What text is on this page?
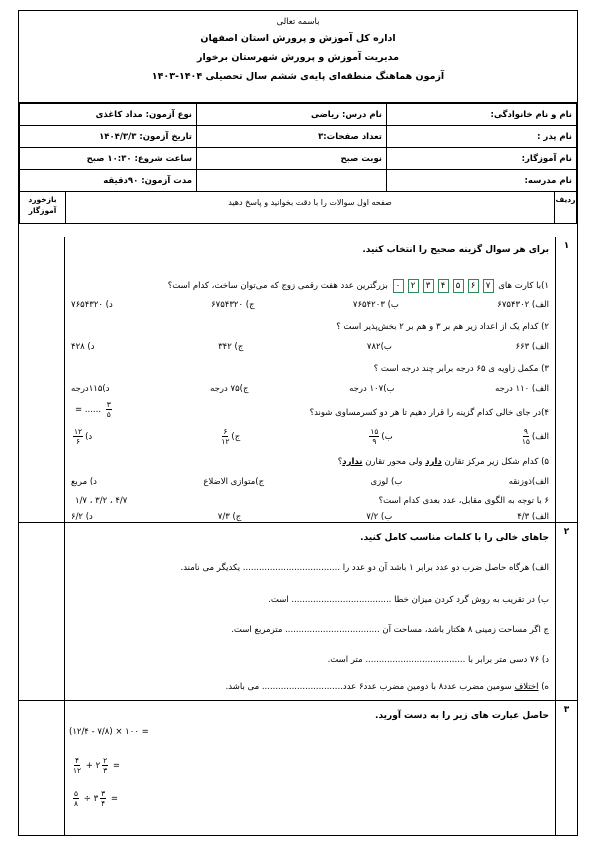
باسمه تعالی
اداره کل آموزش و پرورش استان اصفهان
مدیریت آموزش و پرورش شهرستان برخوار
آزمون هماهنگ منطقه‌ای پایه‌ی ششم سال تحصیلی ۱۴۰۴-۱۴۰۳
نام و نام خانوادگی:	نام درس: ریاضی	نوع آزمون: مداد کاغذی
نام پدر :	تعداد صفحات:۳	تاریخ آزمون: ۱۴۰۴/۳/۳
نام آموزگار:	نوبت صبح	ساعت شروع: ۱۰:۳۰ صبح
نام مدرسه:		مدت آزمون: ۹۰دقیقه

ردیف
بازخورد آموزگار
صفحه اول سوالات را با دقت بخوانید و پاسخ دهید		
۱
برای هر سوال گزینه صحیح را انتخاب کنید.
۱)با کارت های ۷۶۵۴۳۲۰ بزرگترین عدد هفت رقمی زوج که می‌توان ساخت، کدام است؟
الف) ۶۷۵۴۳۰۲
ب) ۷۶۵۴۲۰۳
ج) ۶۷۵۴۳۲۰
د) ۷۶۵۴۳۲۰
۲) کدام یک از اعداد زیر هم بر ۳ و هم بر ۲ بخش‌پذیر است ؟
الف) ۶۶۳
ب)۷۸۲
ج) ۳۴۲
د) ۴۲۸
۳) مکمل زاویه ی ۶۵ درجه برابر چند درجه است ؟
الف) ۱۱۰ درجه
ب)۱۰۷ درجه
ج)۷۵ درجه
د)۱۱۵درجه
۴)در جای خالی کدام گزینه را قرار دهیم تا هر دو کسرمساوی شوند؟
$\frac{۳}{۵}$
...... =
الف)
$\frac{۹}{۱۵}$
ب)
$\frac{۱۵}{۹}$
ج)
$\frac{۶}{۱۲}$
د)
$\frac{۱۲}{۶}$
۵) کدام شکل زیر مرکز تقارن دارد ولی محور تقارن ندارد؟
الف)ذوزنقه
ب) لوزی
ج)متوازی الاضلاع
د) مربع
۶ با توجه به الگوی مقابل، عدد بعدی کدام است؟
۴/۷ ، ۳/۲ ، ۱/۷
الف) ۴/۳
ب) ۷/۲
ج) ۷/۳
د) ۶/۲
۲
جاهای خالی را با کلمات مناسب کامل کنید.
الف) هرگاه حاصل ضرب دو عدد برابر ۱ باشد آن دو عدد را .................................... یکدیگر می نامند.
ب) در تقریب به روش گرد کردن میزان خطا ..................................... است.
ج اگر مساحت زمینی ۸ هکتار باشد، مساحت آن ................................... مترمربع است.
د) ۷۶ دسی متر برابر با ..................................... متر است.
ه) اختلاف سومین مضرب عدد۸ با دومین مضرب عدد۶ عدد.............................. می باشد.
۳
حاصل عبارت های زیر را به دست آورید.
(۱۲/۴ - ۷/۸) × ۱۰۰ =
$\frac{۴}{۱۲}$ + ۲ $\frac{۲}{۳}$ =
$\frac{۵}{۸}$ ÷ ۳ $\frac{۳}{۴}$ =
